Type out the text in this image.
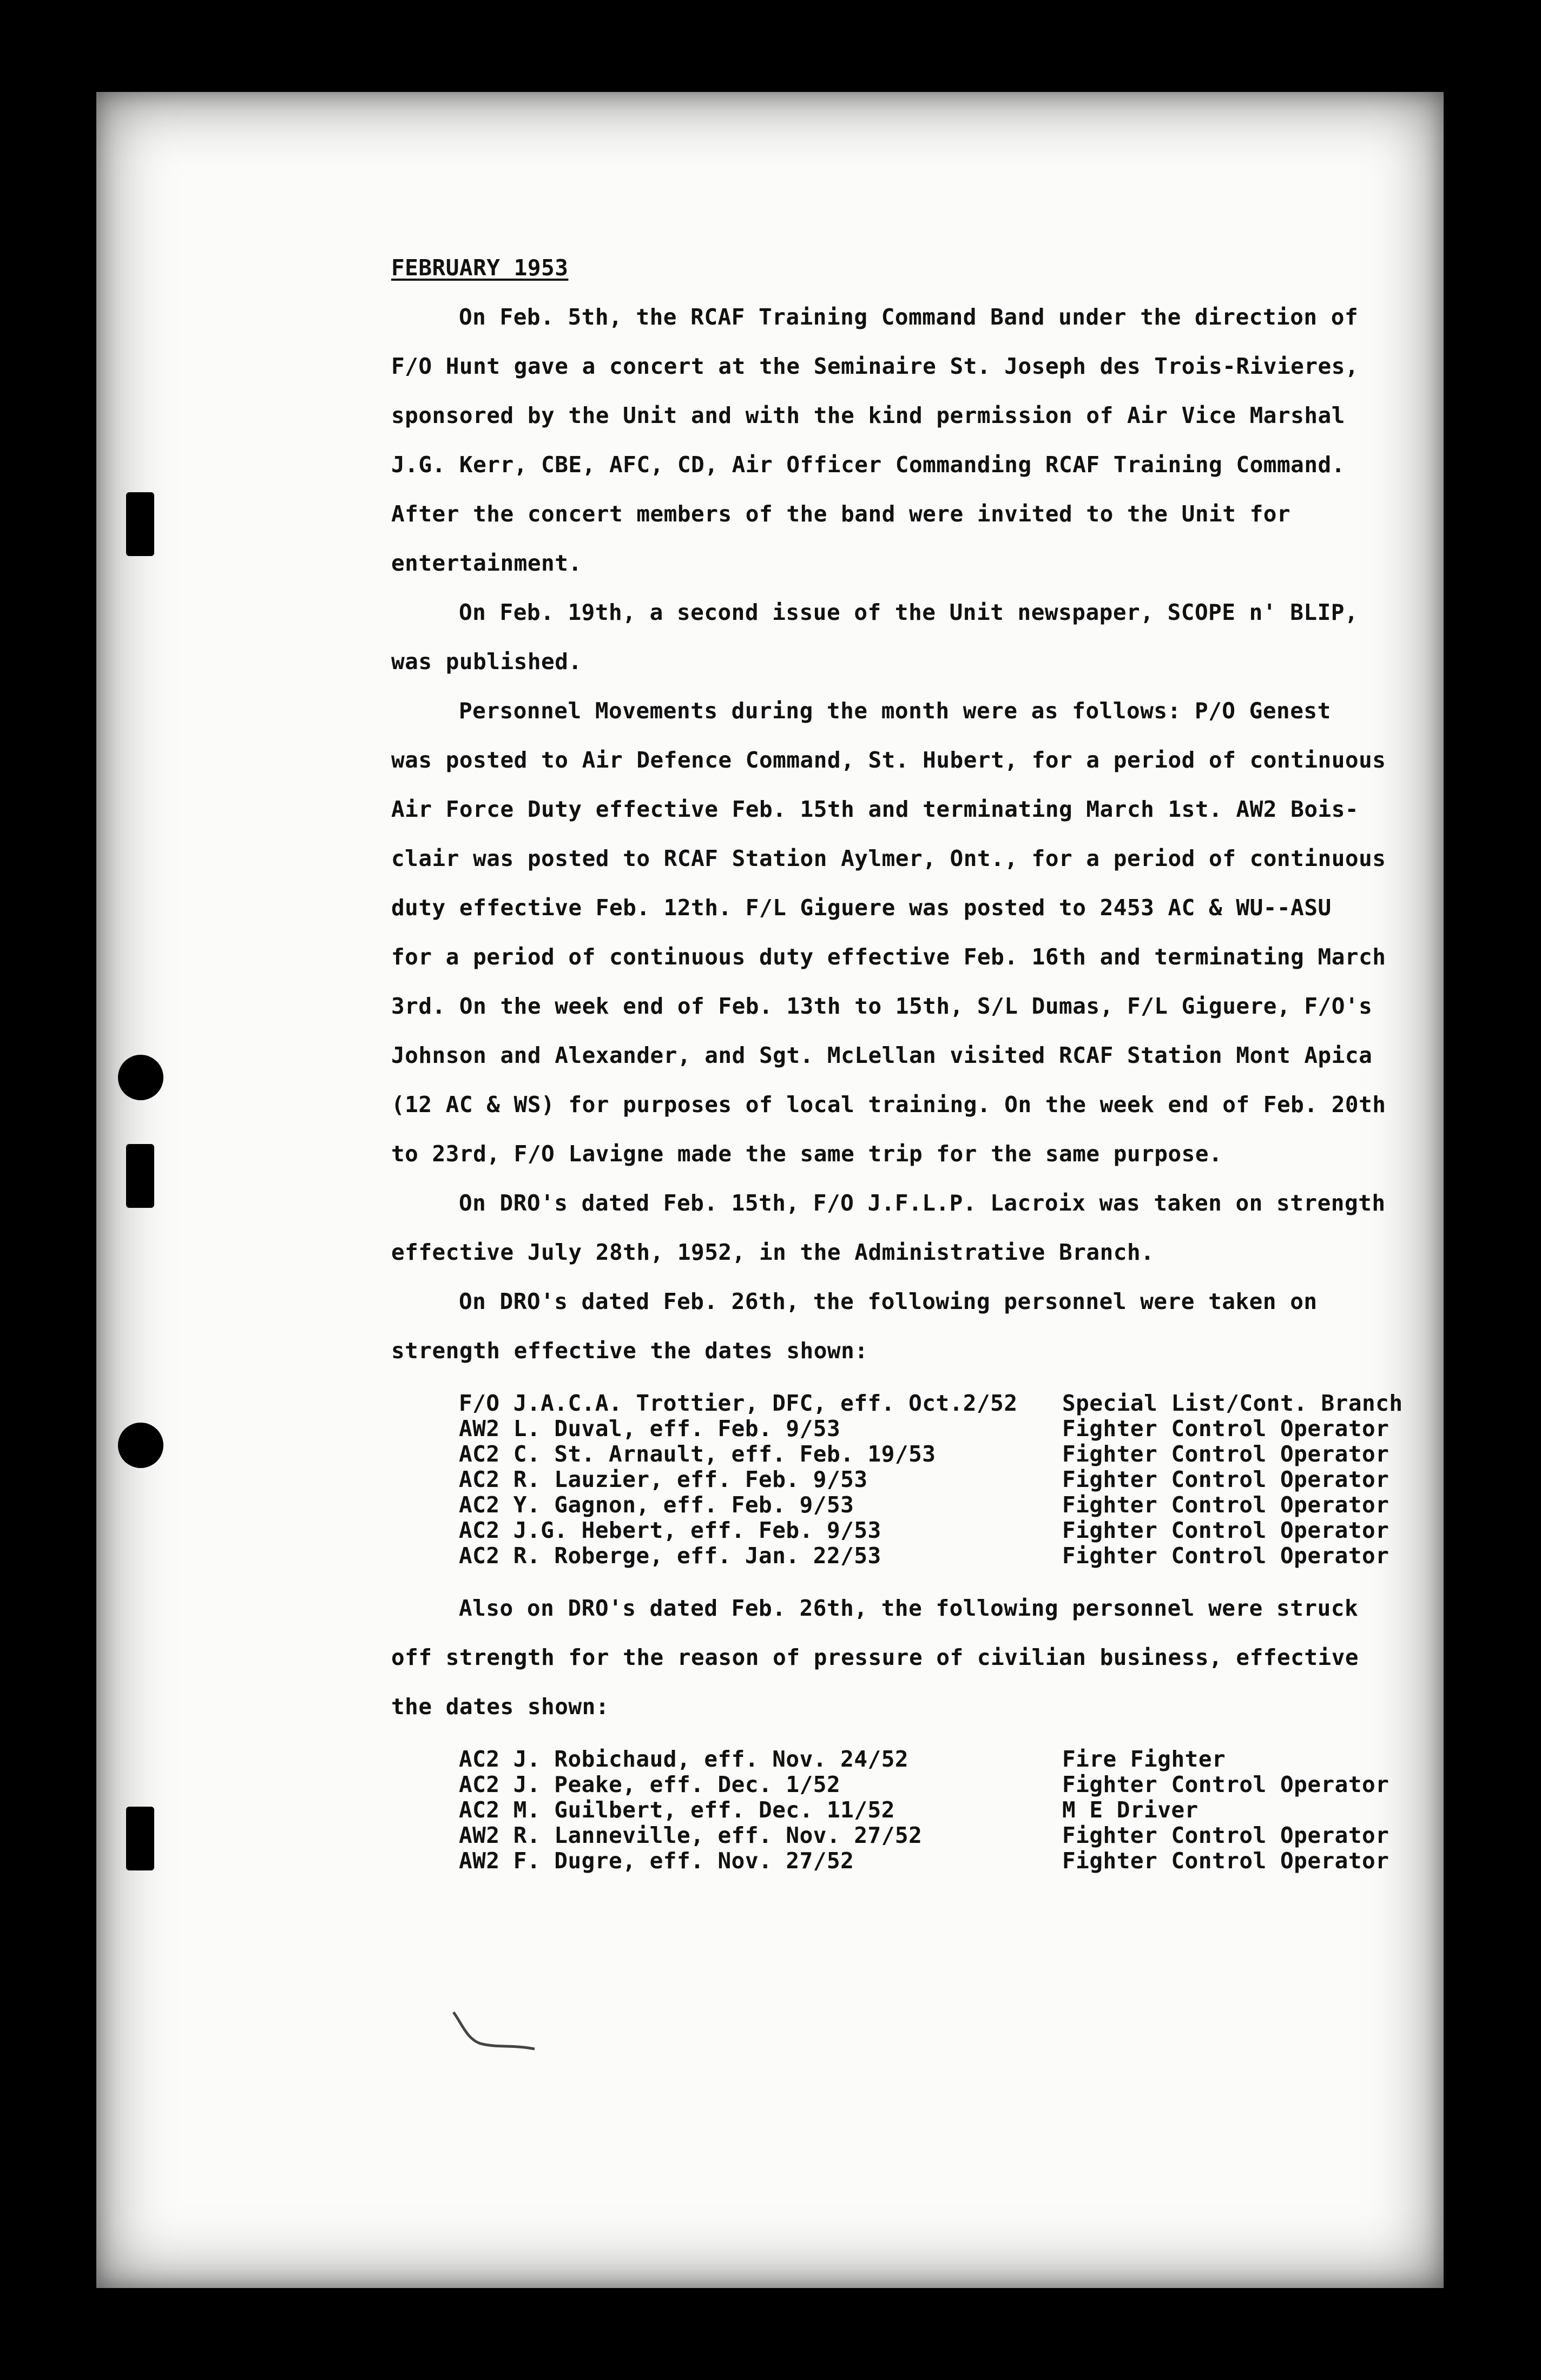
FEBRUARY 1953

On Feb. 5th, the RCAF Training Command Band under the direction of
F/O Hunt gave a concert at the Seminaire St. Joseph des Trois-Rivieres,
sponsored by the Unit and with the kind permission of Air Vice Marshal
J.G. Kerr, CBE, AFC, CD, Air Officer Commanding RCAF Training Command.
After the concert members of the band were invited to the Unit for
entertainment.

On Feb. 19th, a second issue of the Unit newspaper, SCOPE n' BLIP,
was published.

Personnel Movements during the month were as follows: P/O Genest
was posted to Air Defence Command, St. Hubert, for a period of continuous
Air Force Duty effective Feb. 15th and terminating March 1st. AW2 Bois-
clair was posted to RCAF Station Aylmer, Ont., for a period of continuous
duty effective Feb. 12th. F/L Giguere was posted to 2453 AC & WU--ASU
for a period of continuous duty effective Feb. 16th and terminating March
3rd. On the week end of Feb. 13th to 15th, S/L Dumas, F/L Giguere, F/O's
Johnson and Alexander, and Sgt. McLellan visited RCAF Station Mont Apica
(12 AC & WS) for purposes of local training. On the week end of Feb. 20th
to 23rd, F/O Lavigne made the same trip for the same purpose.

On DRO's dated Feb. 15th, F/O J.F.L.P. Lacroix was taken on strength
effective July 28th, 1952, in the Administrative Branch.

On DRO's dated Feb. 26th, the following personnel were taken on
strength effective the dates shown:

F/O J.A.C.A. Trottier, DFC, eff. Oct.2/52	Special List/Cont. Branch
AW2 L. Duval, eff. Feb. 9/53	Fighter Control Operator
AC2 C. St. Arnault, eff. Feb. 19/53	Fighter Control Operator
AC2 R. Lauzier, eff. Feb. 9/53	Fighter Control Operator
AC2 Y. Gagnon, eff. Feb. 9/53	Fighter Control Operator
AC2 J.G. Hebert, eff. Feb. 9/53	Fighter Control Operator
AC2 R. Roberge, eff. Jan. 22/53	Fighter Control Operator

Also on DRO's dated Feb. 26th, the following personnel were struck
off strength for the reason of pressure of civilian business, effective
the dates shown:

AC2 J. Robichaud, eff. Nov. 24/52	Fire Fighter
AC2 J. Peake, eff. Dec. 1/52	Fighter Control Operator
AC2 M. Guilbert, eff. Dec. 11/52	M E Driver
AW2 R. Lanneville, eff. Nov. 27/52	Fighter Control Operator
AW2 F. Dugre, eff. Nov. 27/52	Fighter Control Operator
